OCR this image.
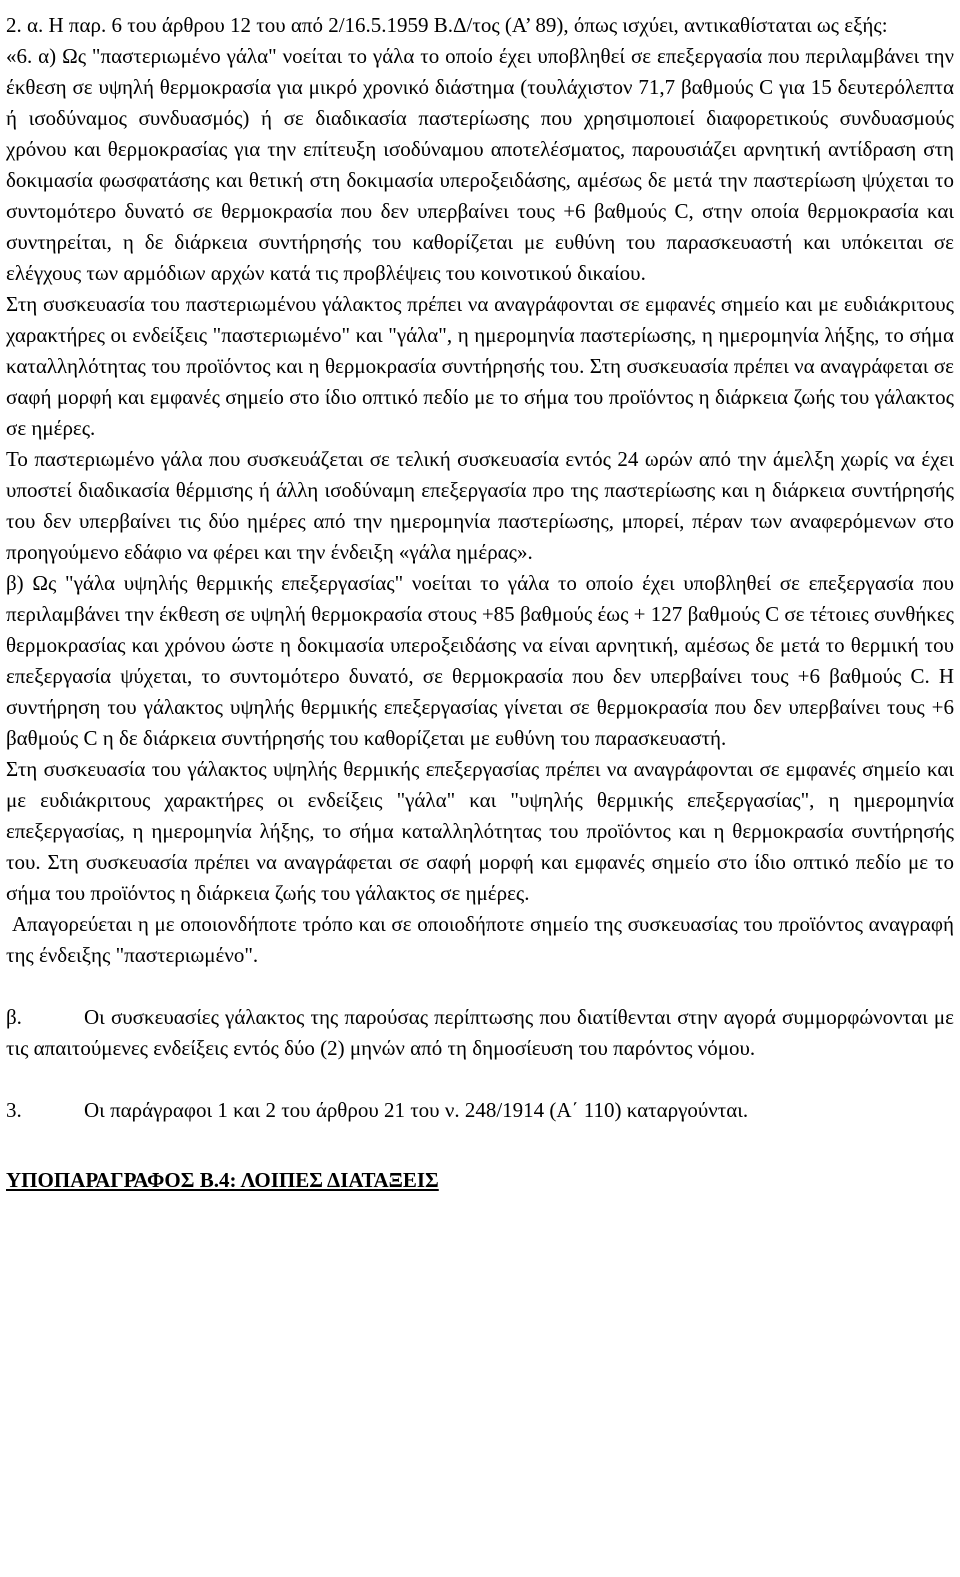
2. α. Η παρ. 6 του άρθρου 12 του από 2/16.5.1959 Β.Δ/τος (Α’ 89), όπως ισχύει, αντικαθίσταται ως εξής:

«6. α) Ως "παστεριωμένο γάλα" νοείται το γάλα το οποίο έχει υποβληθεί σε επεξεργασία που περιλαμβάνει την έκθεση σε υψηλή θερμοκρασία για μικρό χρονικό διάστημα (τουλάχιστον 71,7 βαθμούς C για 15 δευτερόλεπτα ή ισοδύναμος συνδυασμός) ή σε διαδικασία παστερίωσης που χρησιμοποιεί διαφορετικούς συνδυασμούς χρόνου και θερμοκρασίας για την επίτευξη ισοδύναμου αποτελέσματος, παρουσιάζει αρνητική αντίδραση στη δοκιμασία φωσφατάσης και θετική στη δοκιμασία υπεροξειδάσης, αμέσως δε μετά την παστερίωση ψύχεται το συντομότερο δυνατό σε θερμοκρασία που δεν υπερβαίνει τους +6 βαθμούς C, στην οποία θερμοκρασία και συντηρείται, η δε διάρκεια συντήρησής του καθορίζεται με ευθύνη του παρασκευαστή και υπόκειται σε ελέγχους των αρμόδιων αρχών κατά τις προβλέψεις του κοινοτικού δικαίου.

Στη συσκευασία του παστεριωμένου γάλακτος πρέπει να αναγράφονται σε εμφανές σημείο και με ευδιάκριτους χαρακτήρες οι ενδείξεις "παστεριωμένο" και "γάλα", η ημερομηνία παστερίωσης, η ημερομηνία λήξης, το σήμα καταλληλότητας του προϊόντος και η θερμοκρασία συντήρησής του. Στη συσκευασία πρέπει να αναγράφεται σε σαφή μορφή και εμφανές σημείο στο ίδιο οπτικό πεδίο με το σήμα του προϊόντος η διάρκεια ζωής του γάλακτος σε ημέρες.

Το παστεριωμένο γάλα που συσκευάζεται σε τελική συσκευασία εντός 24 ωρών από την άμελξη χωρίς να έχει υποστεί διαδικασία θέρμισης ή άλλη ισοδύναμη επεξεργασία προ της παστερίωσης και η διάρκεια συντήρησής του δεν υπερβαίνει τις δύο ημέρες από την ημερομηνία παστερίωσης, μπορεί, πέραν των αναφερόμενων στο προηγούμενο εδάφιο να φέρει και την ένδειξη «γάλα ημέρας».

β) Ως "γάλα υψηλής θερμικής επεξεργασίας" νοείται το γάλα το οποίο έχει υποβληθεί σε επεξεργασία που περιλαμβάνει την έκθεση σε υψηλή θερμοκρασία στους +85 βαθμούς έως + 127 βαθμούς C σε τέτοιες συνθήκες θερμοκρασίας και χρόνου ώστε η δοκιμασία υπεροξειδάσης να είναι αρνητική, αμέσως δε μετά το θερμική του επεξεργασία ψύχεται, το συντομότερο δυνατό, σε θερμοκρασία που δεν υπερβαίνει τους +6 βαθμούς C. Η συντήρηση του γάλακτος υψηλής θερμικής επεξεργασίας γίνεται σε θερμοκρασία που δεν υπερβαίνει τους +6 βαθμούς C η δε διάρκεια συντήρησής του καθορίζεται με ευθύνη του παρασκευαστή.

Στη συσκευασία του γάλακτος υψηλής θερμικής επεξεργασίας πρέπει να αναγράφονται σε εμφανές σημείο και με ευδιάκριτους χαρακτήρες οι ενδείξεις "γάλα" και "υψηλής θερμικής επεξεργασίας", η ημερομηνία επεξεργασίας, η ημερομηνία λήξης, το σήμα καταλληλότητας του προϊόντος και η θερμοκρασία συντήρησής του. Στη συσκευασία πρέπει να αναγράφεται σε σαφή μορφή και εμφανές σημείο στο ίδιο οπτικό πεδίο με το σήμα του προϊόντος η διάρκεια ζωής του γάλακτος σε ημέρες.

Απαγορεύεται η με οποιονδήποτε τρόπο και σε οποιοδήποτε σημείο της συσκευασίας του προϊόντος αναγραφή της ένδειξης "παστεριωμένο".

β.	Οι συσκευασίες γάλακτος της παρούσας περίπτωσης που διατίθενται στην αγορά συμμορφώνονται με τις απαιτούμενες ενδείξεις εντός δύο (2) μηνών από τη δημοσίευση του παρόντος νόμου.

3.	Οι παράγραφοι 1 και 2 του άρθρου 21 του ν. 248/1914 (Α΄ 110) καταργούνται.

ΥΠΟΠΑΡΑΓΡΑΦΟΣ Β.4: ΛΟΙΠΕΣ ΔΙΑΤΑΞΕΙΣ
